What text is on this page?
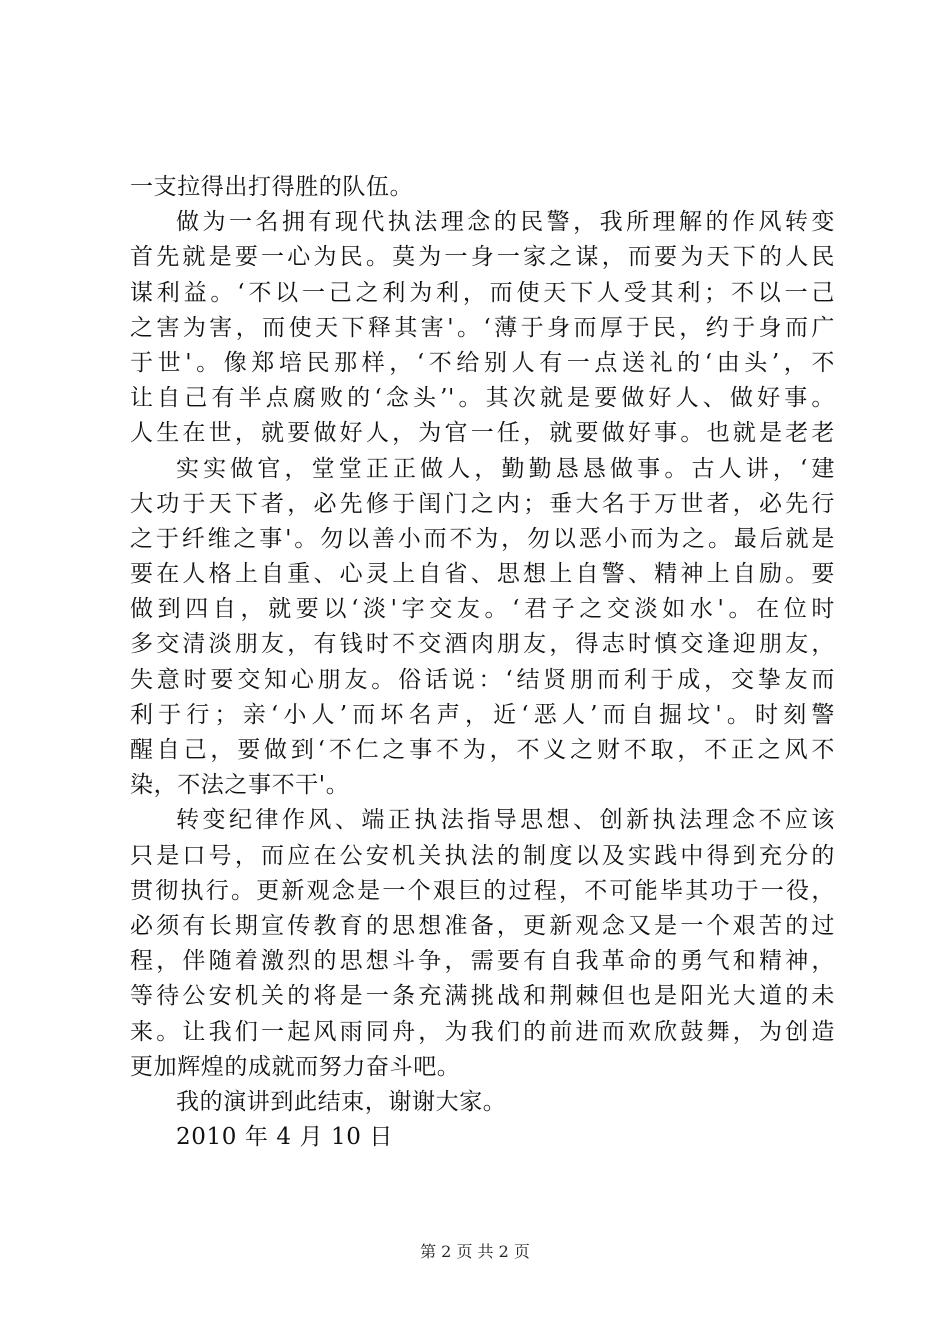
一支拉得出打得胜的队伍。
做为一名拥有现代执法理念的民警，我所理解的作风转变
首先就是要一心为民。莫为一身一家之谋，而要为天下的人民
谋利益。‘不以一己之利为利，而使天下人受其利；不以一己
之害为害，而使天下释其害'。‘薄于身而厚于民，约于身而广
于世'。像郑培民那样，‘不给别人有一点送礼的‘由头’，不
让自己有半点腐败的‘念头’'。其次就是要做好人、做好事。
人生在世，就要做好人，为官一任，就要做好事。也就是老老
实实做官，堂堂正正做人，勤勤恳恳做事。古人讲，‘建
大功于天下者，必先修于闺门之内；垂大名于万世者，必先行
之于纤维之事'。勿以善小而不为，勿以恶小而为之。最后就是
要在人格上自重、心灵上自省、思想上自警、精神上自励。要
做到四自，就要以‘淡'字交友。‘君子之交淡如水'。在位时
多交清淡朋友，有钱时不交酒肉朋友，得志时慎交逢迎朋友，
失意时要交知心朋友。俗话说：‘结贤朋而利于成，交挚友而
利于行；亲‘小人’而坏名声，近‘恶人’而自掘坟'。时刻警
醒自己，要做到‘不仁之事不为，不义之财不取，不正之风不
染，不法之事不干'。
转变纪律作风、端正执法指导思想、创新执法理念不应该
只是口号，而应在公安机关执法的制度以及实践中得到充分的
贯彻执行。更新观念是一个艰巨的过程，不可能毕其功于一役，
必须有长期宣传教育的思想准备，更新观念又是一个艰苦的过
程，伴随着激烈的思想斗争，需要有自我革命的勇气和精神，
等待公安机关的将是一条充满挑战和荆棘但也是阳光大道的未
来。让我们一起风雨同舟，为我们的前进而欢欣鼓舞，为创造
更加辉煌的成就而努力奋斗吧。
我的演讲到此结束，谢谢大家。
2010 年 4 月 10 日
第 2 页 共 2 页
